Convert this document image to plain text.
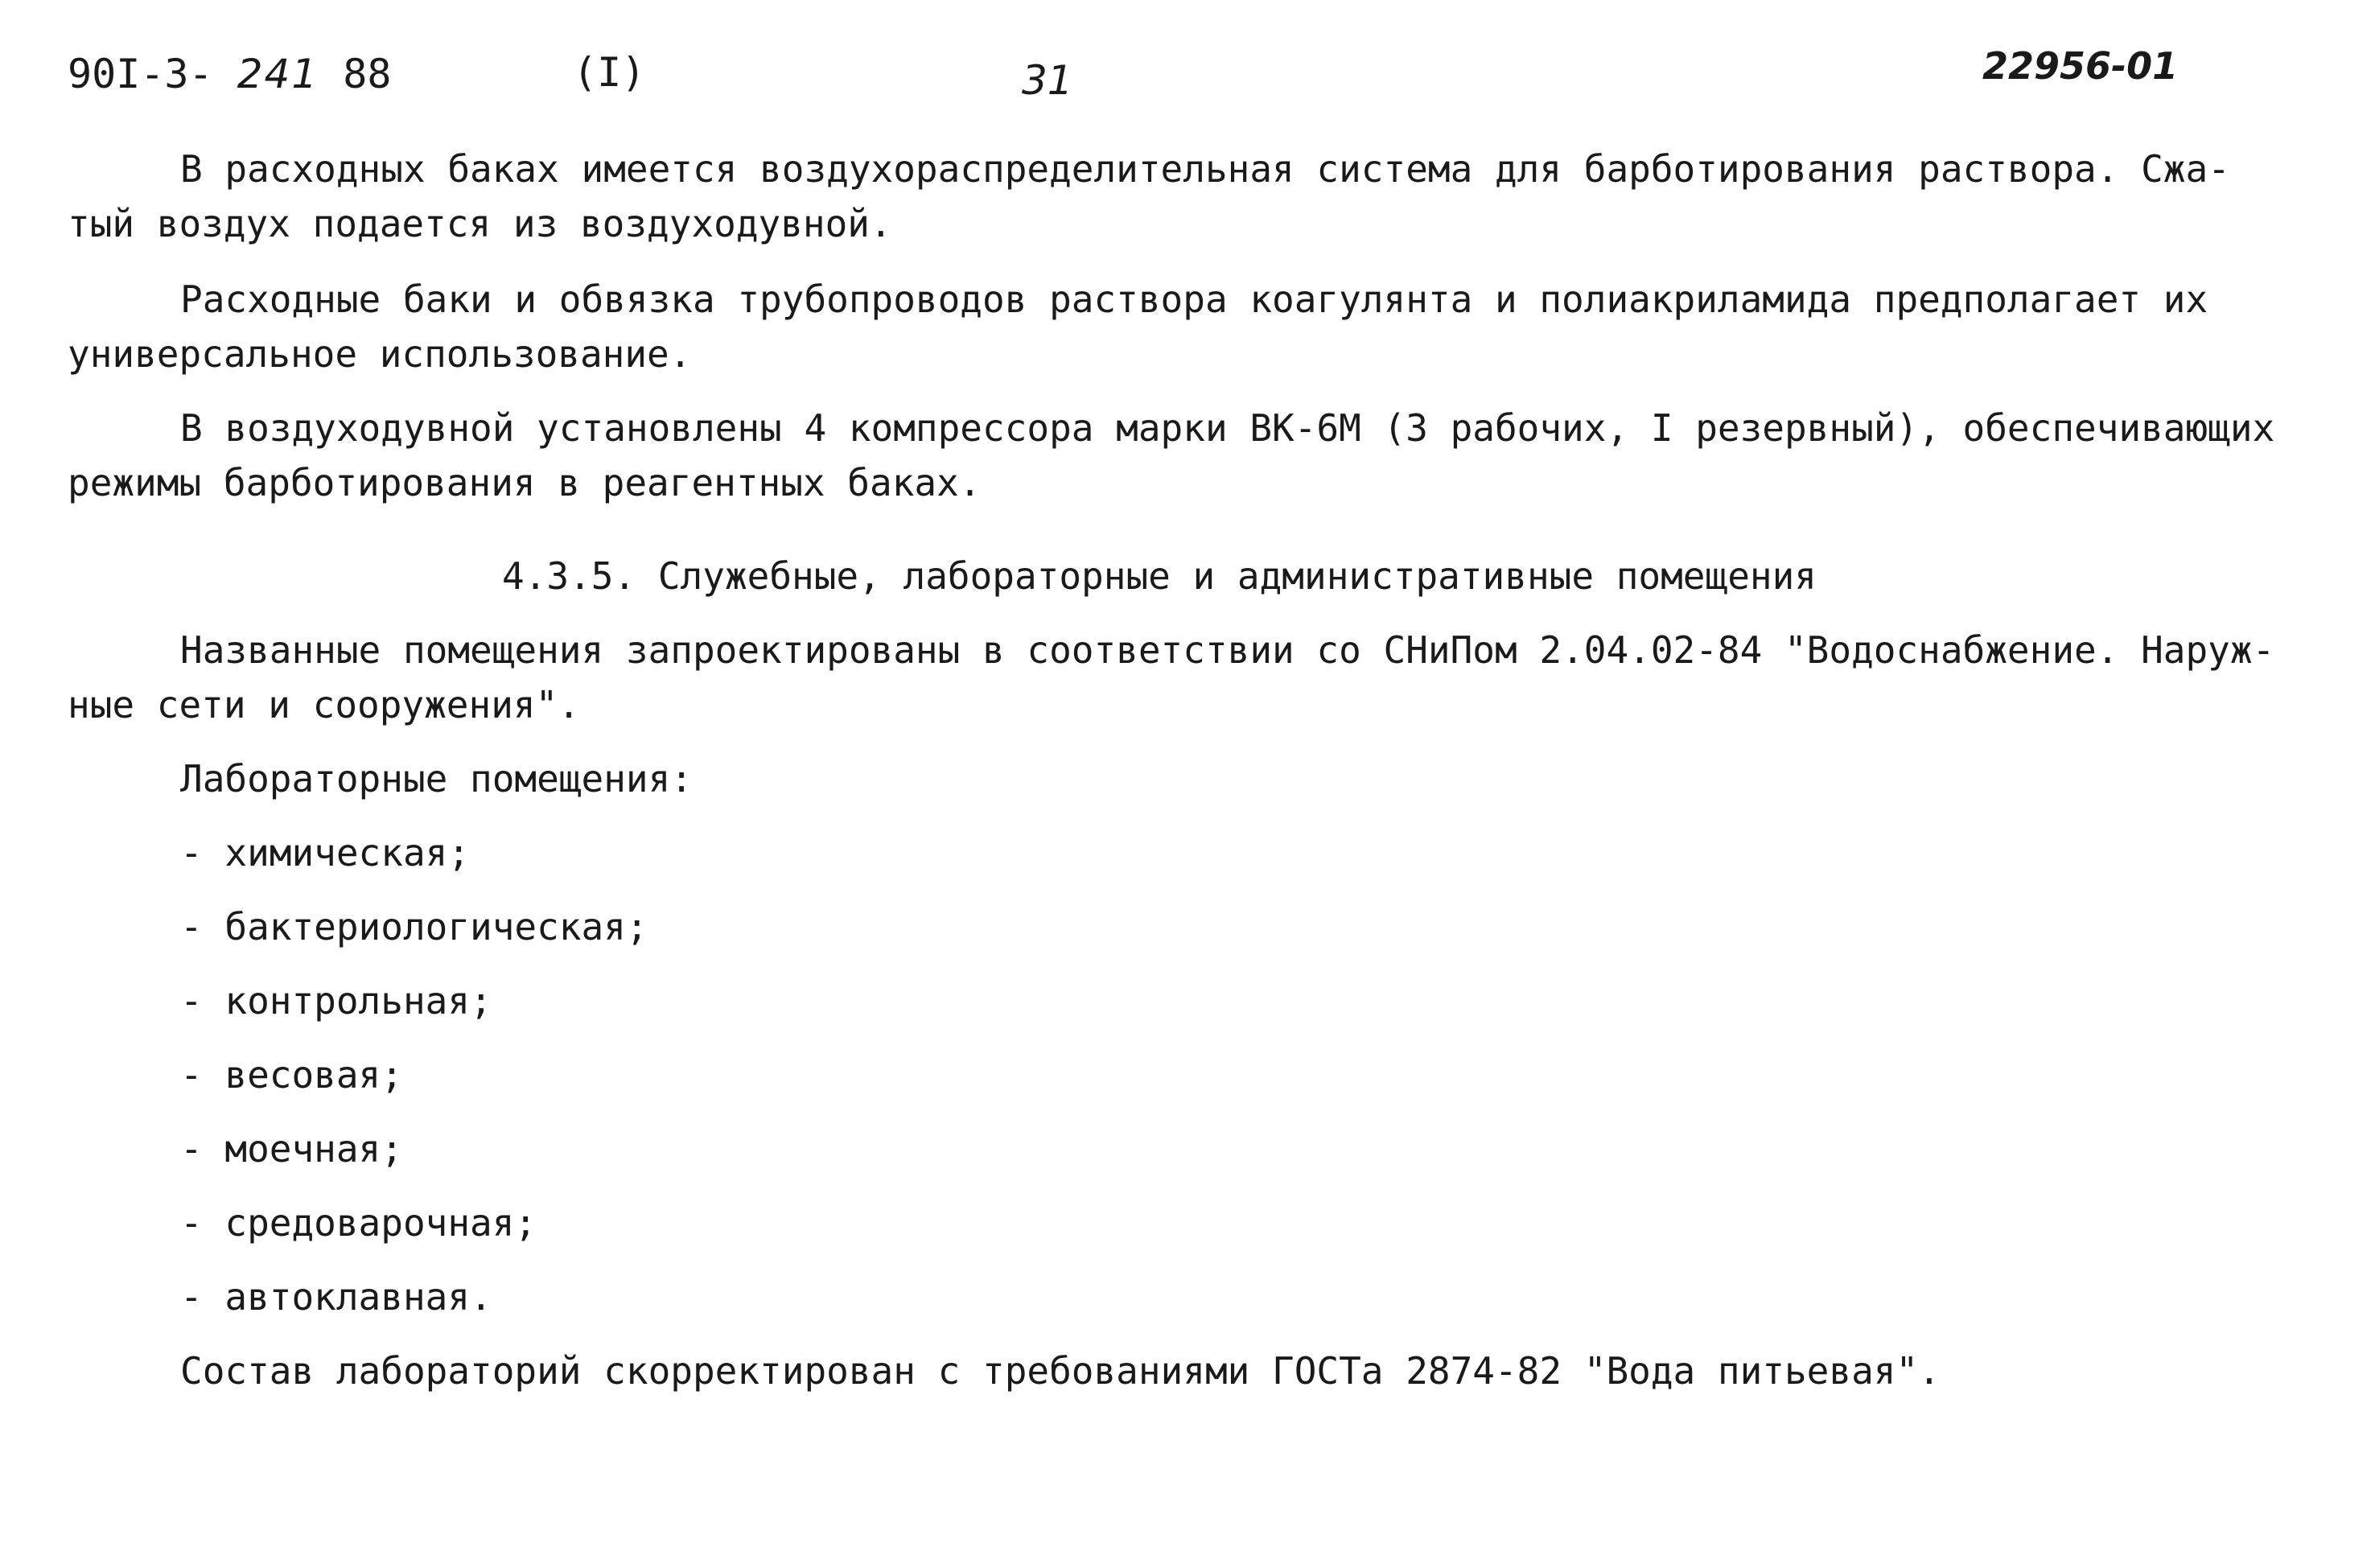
90I-3- 241 88	(I)	31	22956-01
В расходных баках имеется воздухораспределительная система для барботирования раствора. Сжа-
тый воздух подается из воздуходувной.
Расходные баки и обвязка трубопроводов раствора коагулянта и полиакриламида предполагает их
универсальное использование.
В воздуходувной установлены 4 компрессора марки ВК-6М (3 рабочих, I резервный), обеспечивающих
режимы барботирования в реагентных баках.
4.3.5. Служебные, лабораторные и административные помещения
Названные помещения запроектированы в соответствии со СНиПом 2.04.02-84 "Водоснабжение. Наруж-
ные сети и сооружения".
Лабораторные помещения:
- химическая;
- бактериологическая;
- контрольная;
- весовая;
- моечная;
- средоварочная;
- автоклавная.
Состав лабораторий скорректирован с требованиями ГОСТа 2874-82 "Вода питьевая".
